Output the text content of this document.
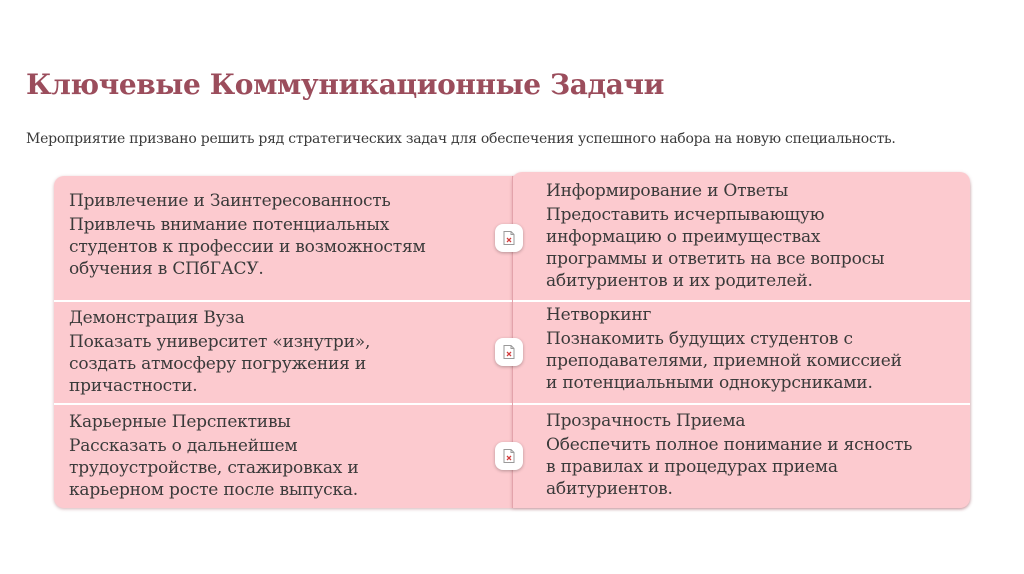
Ключевые Коммуникационные Задачи
Мероприятие призвано решить ряд стратегических задач для обеспечения успешного набора на новую специальность.
Привлечение и Заинтересованность
Привлечь внимание потенциальных
студентов к профессии и возможностям
обучения в СПбГАСУ.
Информирование и Ответы
Предоставить исчерпывающую
информацию о преимуществах
программы и ответить на все вопросы
абитуриентов и их родителей.
Демонстрация Вуза
Показать университет «изнутри»,
создать атмосферу погружения и
причастности.
Нетворкинг
Познакомить будущих студентов с
преподавателями, приемной комиссией
и потенциальными однокурсниками.
Карьерные Перспективы
Рассказать о дальнейшем
трудоустройстве, стажировках и
карьерном росте после выпуска.
Прозрачность Приема
Обеспечить полное понимание и ясность
в правилах и процедурах приема
абитуриентов.
